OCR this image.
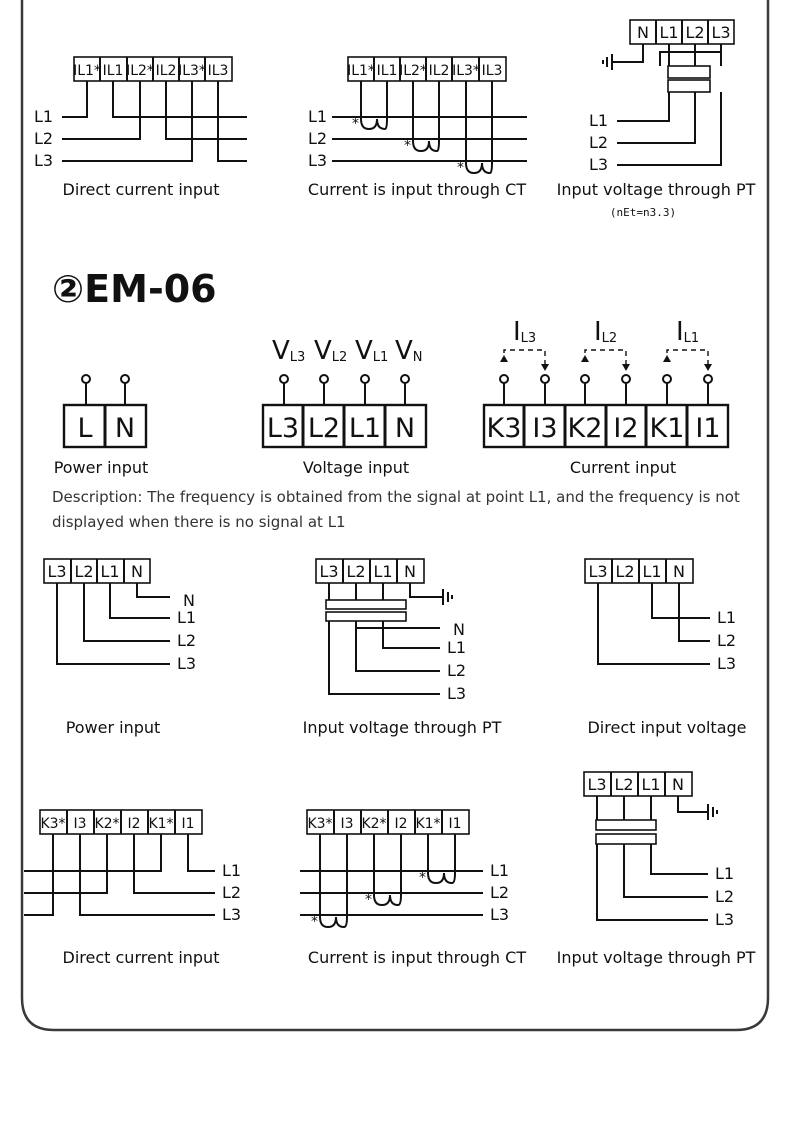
IL1* IL1 IL2* IL2 IL3* IL3
L1
L2
L3
Direct current input
IL1* IL1 IL2* IL2 IL3* IL3
*
*
*
L1
L2
L3
Current is input through CT
N L1 L2 L3
L1
L2
L3
Input voltage through PT
(nEt=n3.3)
②EM-06
L N
Power input
L3 L2 L1 N
VL3 VL2 VL1 VN
Voltage input
K3 I3 K2 I2 K1 I1
IL3 IL2 IL1
Current input
Description: The frequency is obtained from the signal at point L1, and the frequency is not
displayed when there is no signal at L1
L3 L2 L1 N
N
L1
L2
L3
Power input
L3 L2 L1 N
N
L1
L2
L3
Input voltage through PT
L3 L2 L1 N
L1
L2
L3
Direct input voltage
K3* I3 K2* I2 K1* I1
L1
L2
L3
Direct current input
K3* I3 K2* I2 K1* I1
*
*
*
L1
L2
L3
Current is input through CT
L3 L2 L1 N
L1
L2
L3
Input voltage through PT
